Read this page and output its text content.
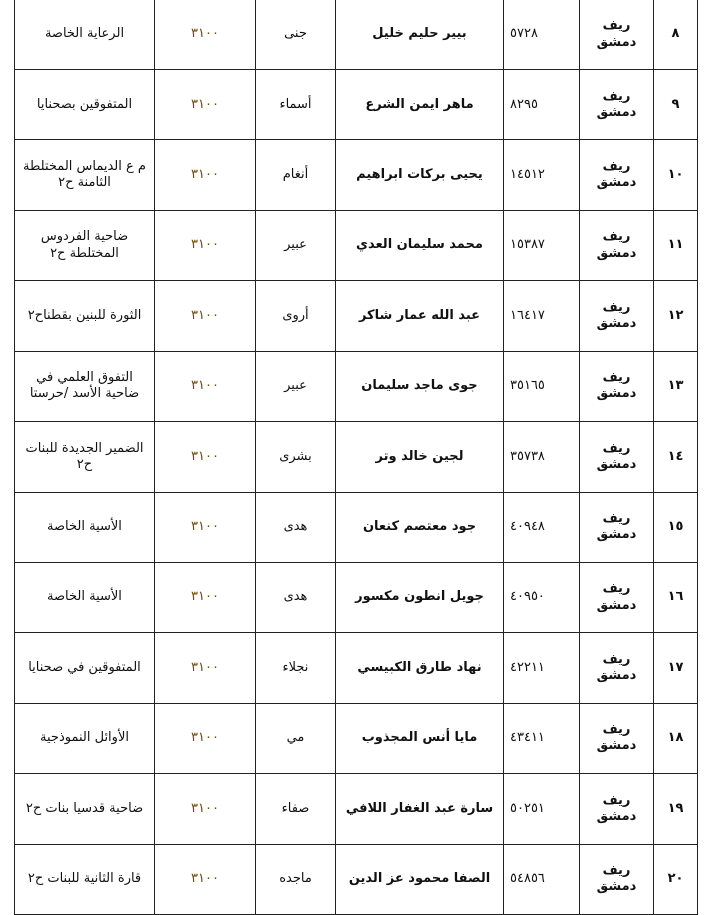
٨	ريف دمشق	٥٧٢٨	بيير حليم خليل	جنى	٣١٠٠	الرعاية الخاصة
٩	ريف دمشق	٨٢٩٥	ماهر ايمن الشرع	أسماء	٣١٠٠	المتفوقين بصحنايا
١٠	ريف دمشق	١٤٥١٢	يحيى بركات ابراهيم	أنغام	٣١٠٠	م ع الديماس المختلطة الثامنة ح٢
١١	ريف دمشق	١٥٣٨٧	محمد سليمان العدي	عبير	٣١٠٠	ضاحية الفردوس المختلطة ح٢
١٢	ريف دمشق	١٦٤١٧	عبد الله عمار شاكر	أروى	٣١٠٠	الثورة للبنين بقطناح٢
١٣	ريف دمشق	٣٥١٦٥	جوى ماجد سليمان	عبير	٣١٠٠	التفوق العلمي في ضاحية الأسد /حرستا
١٤	ريف دمشق	٣٥٧٣٨	لجين خالد وتر	بشرى	٣١٠٠	الضمير الجديدة للبنات ح٢
١٥	ريف دمشق	٤٠٩٤٨	جود معتصم كنعان	هدى	٣١٠٠	الأسية الخاصة
١٦	ريف دمشق	٤٠٩٥٠	جويل انطون مكسور	هدى	٣١٠٠	الأسية الخاصة
١٧	ريف دمشق	٤٢٢١١	نهاد طارق الكبيسي	نجلاء	٣١٠٠	المتفوقين في صحنايا
١٨	ريف دمشق	٤٣٤١١	مايا أنس المجذوب	مي	٣١٠٠	الأوائل النموذجية
١٩	ريف دمشق	٥٠٢٥١	سارة عبد الغفار اللافي	صفاء	٣١٠٠	ضاحية قدسيا بنات ح٢
٢٠	ريف دمشق	٥٤٨٥٦	الصفا محمود عز الدين	ماجده	٣١٠٠	قارة الثانية للبنات ح٢
